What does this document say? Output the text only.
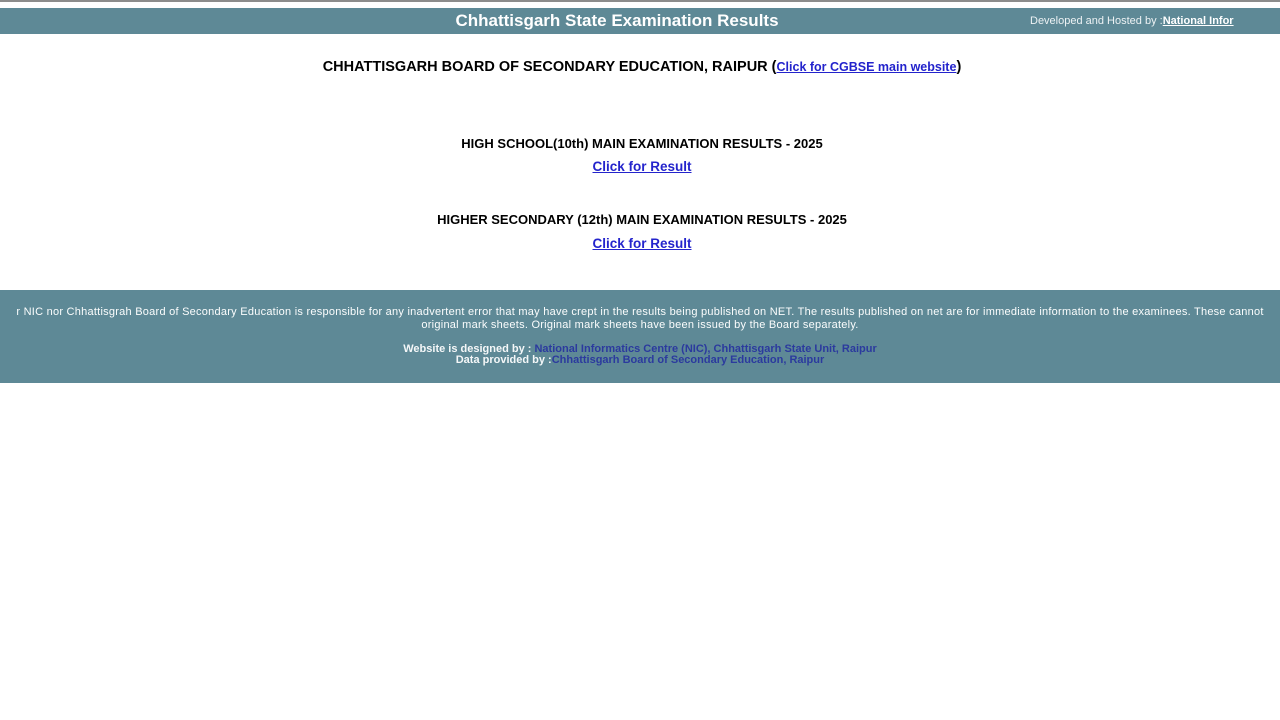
Chhattisgarh State Examination Results	Developed and Hosted by :National Infor
CHHATTISGARH BOARD OF SECONDARY EDUCATION, RAIPUR (Click for CGBSE main website)
HIGH SCHOOL(10th) MAIN EXAMINATION RESULTS - 2025
Click for Result
HIGHER SECONDARY (12th) MAIN EXAMINATION RESULTS - 2025
Click for Result
r NIC nor Chhattisgrah Board of Secondary Education is responsible for any inadvertent error that may have crept in the results being published on NET. The results published on net are for immediate information to the examinees. These cannot
original mark sheets. Original mark sheets have been issued by the Board separately.
Website is designed by : National Informatics Centre (NIC), Chhattisgarh State Unit, Raipur
Data provided by :Chhattisgarh Board of Secondary Education, Raipur
